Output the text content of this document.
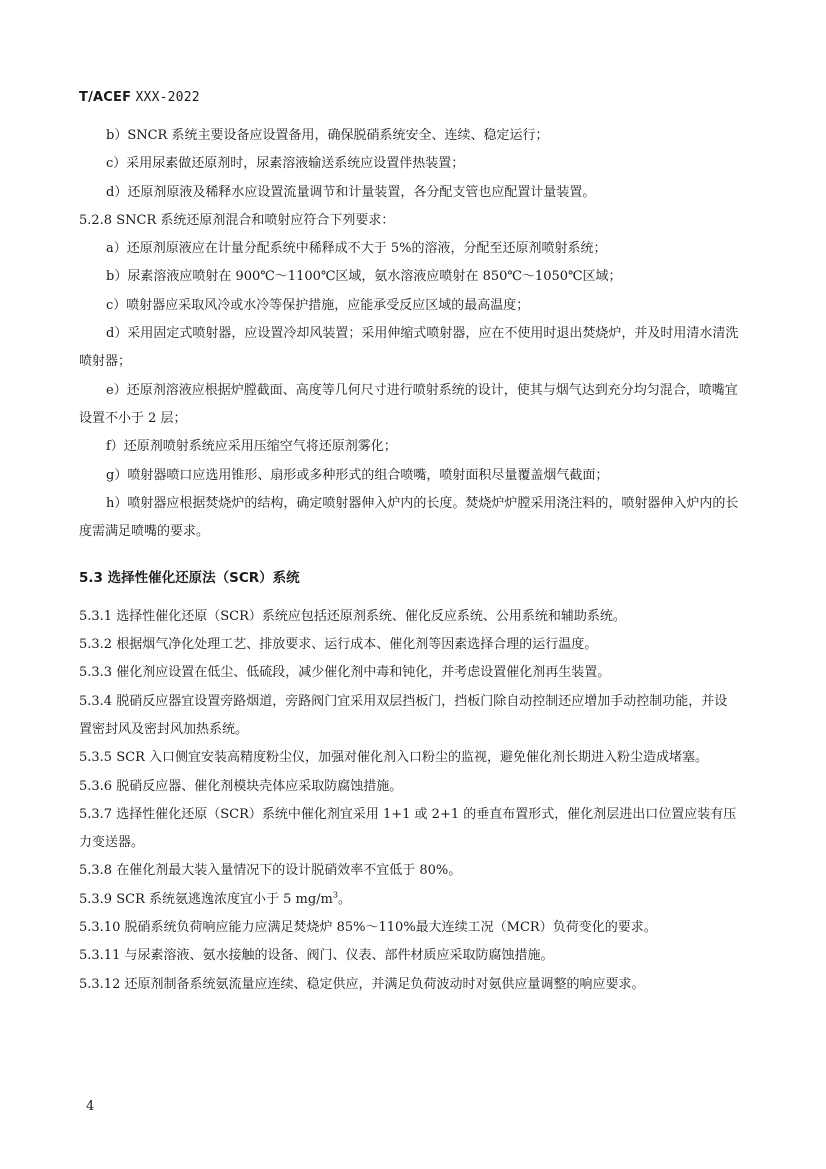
T/ACEF XXX-2022

b）SNCR 系统主要设备应设置备用，确保脱硝系统安全、连续、稳定运行；

c）采用尿素做还原剂时，尿素溶液输送系统应设置伴热装置；

d）还原剂原液及稀释水应设置流量调节和计量装置，各分配支管也应配置计量装置。

5.2.8 SNCR 系统还原剂混合和喷射应符合下列要求：

a）还原剂原液应在计量分配系统中稀释成不大于 5%的溶液，分配至还原剂喷射系统；

b）尿素溶液应喷射在 900℃～1100℃区域，氨水溶液应喷射在 850℃～1050℃区域；

c）喷射器应采取风冷或水冷等保护措施，应能承受反应区域的最高温度；

d）采用固定式喷射器，应设置冷却风装置；采用伸缩式喷射器，应在不使用时退出焚烧炉，并及时用清水清洗喷射器；

e）还原剂溶液应根据炉膛截面、高度等几何尺寸进行喷射系统的设计，使其与烟气达到充分均匀混合，喷嘴宜设置不小于 2 层；

f）还原剂喷射系统应采用压缩空气将还原剂雾化；

g）喷射器喷口应选用锥形、扇形或多种形式的组合喷嘴，喷射面积尽量覆盖烟气截面；

h）喷射器应根据焚烧炉的结构，确定喷射器伸入炉内的长度。焚烧炉炉膛采用浇注料的，喷射器伸入炉内的长度需满足喷嘴的要求。

5.3 选择性催化还原法（SCR）系统

5.3.1 选择性催化还原（SCR）系统应包括还原剂系统、催化反应系统、公用系统和辅助系统。

5.3.2 根据烟气净化处理工艺、排放要求、运行成本、催化剂等因素选择合理的运行温度。

5.3.3 催化剂应设置在低尘、低硫段，减少催化剂中毒和钝化，并考虑设置催化剂再生装置。

5.3.4 脱硝反应器宜设置旁路烟道，旁路阀门宜采用双层挡板门，挡板门除自动控制还应增加手动控制功能，并设置密封风及密封风加热系统。

5.3.5 SCR 入口侧宜安装高精度粉尘仪，加强对催化剂入口粉尘的监视，避免催化剂长期进入粉尘造成堵塞。

5.3.6 脱硝反应器、催化剂模块壳体应采取防腐蚀措施。

5.3.7 选择性催化还原（SCR）系统中催化剂宜采用 1+1 或 2+1 的垂直布置形式，催化剂层进出口位置应装有压力变送器。

5.3.8 在催化剂最大装入量情况下的设计脱硝效率不宜低于 80%。

5.3.9 SCR 系统氨逃逸浓度宜小于 5 $mg/m^3$。

5.3.10 脱硝系统负荷响应能力应满足焚烧炉 85%～110%最大连续工况（MCR）负荷变化的要求。

5.3.11 与尿素溶液、氨水接触的设备、阀门、仪表、部件材质应采取防腐蚀措施。

5.3.12 还原剂制备系统氨流量应连续、稳定供应，并满足负荷波动时对氨供应量调整的响应要求。

4
